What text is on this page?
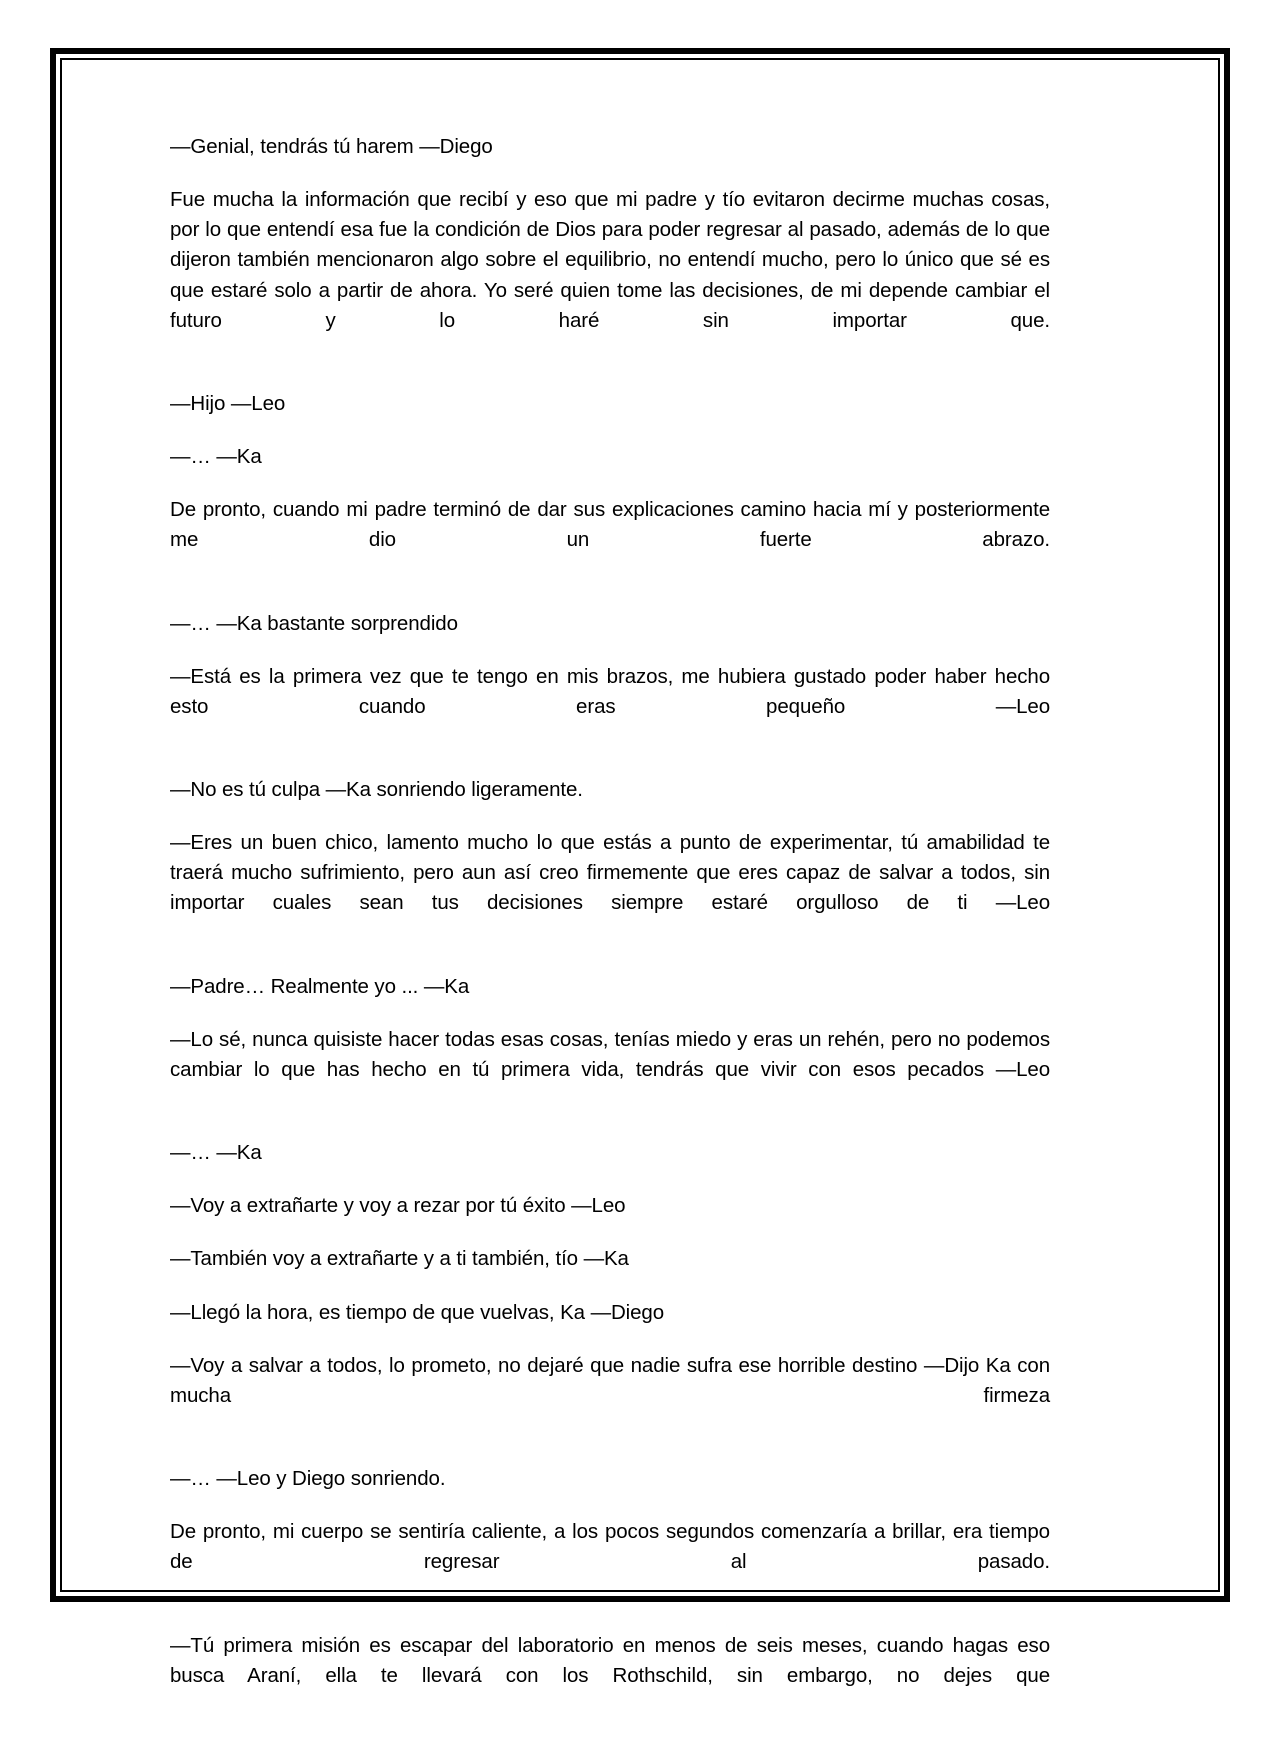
—Genial, tendrás tú harem —Diego

Fue mucha la información que recibí y eso que mi padre y tío evitaron decirme muchas cosas, por lo que entendí esa fue la condición de Dios para poder regresar al pasado, además de lo que dijeron también mencionaron algo sobre el equilibrio, no entendí mucho, pero lo único que sé es que estaré solo a partir de ahora. Yo seré quien tome las decisiones, de mi depende cambiar el futuro y lo haré sin importar que.

—Hijo —Leo

—… —Ka

De pronto, cuando mi padre terminó de dar sus explicaciones camino hacia mí y posteriormente me dio un fuerte abrazo.

—… —Ka bastante sorprendido

—Está es la primera vez que te tengo en mis brazos, me hubiera gustado poder haber hecho esto cuando eras pequeño —Leo

—No es tú culpa —Ka sonriendo ligeramente.

—Eres un buen chico, lamento mucho lo que estás a punto de experimentar, tú amabilidad te traerá mucho sufrimiento, pero aun así creo firmemente que eres capaz de salvar a todos, sin importar cuales sean tus decisiones siempre estaré orgulloso de ti —Leo

—Padre… Realmente yo ... —Ka

—Lo sé, nunca quisiste hacer todas esas cosas, tenías miedo y eras un rehén, pero no podemos cambiar lo que has hecho en tú primera vida, tendrás que vivir con esos pecados —Leo

—… —Ka

—Voy a extrañarte y voy a rezar por tú éxito —Leo

—También voy a extrañarte y a ti también, tío —Ka

—Llegó la hora, es tiempo de que vuelvas, Ka —Diego

—Voy a salvar a todos, lo prometo, no dejaré que nadie sufra ese horrible destino —Dijo Ka con mucha firmeza

—… —Leo y Diego sonriendo.

De pronto, mi cuerpo se sentiría caliente, a los pocos segundos comenzaría a brillar, era tiempo de regresar al pasado.

—Tú primera misión es escapar del laboratorio en menos de seis meses, cuando hagas eso busca Araní, ella te llevará con los Rothschild, sin embargo, no dejes que
